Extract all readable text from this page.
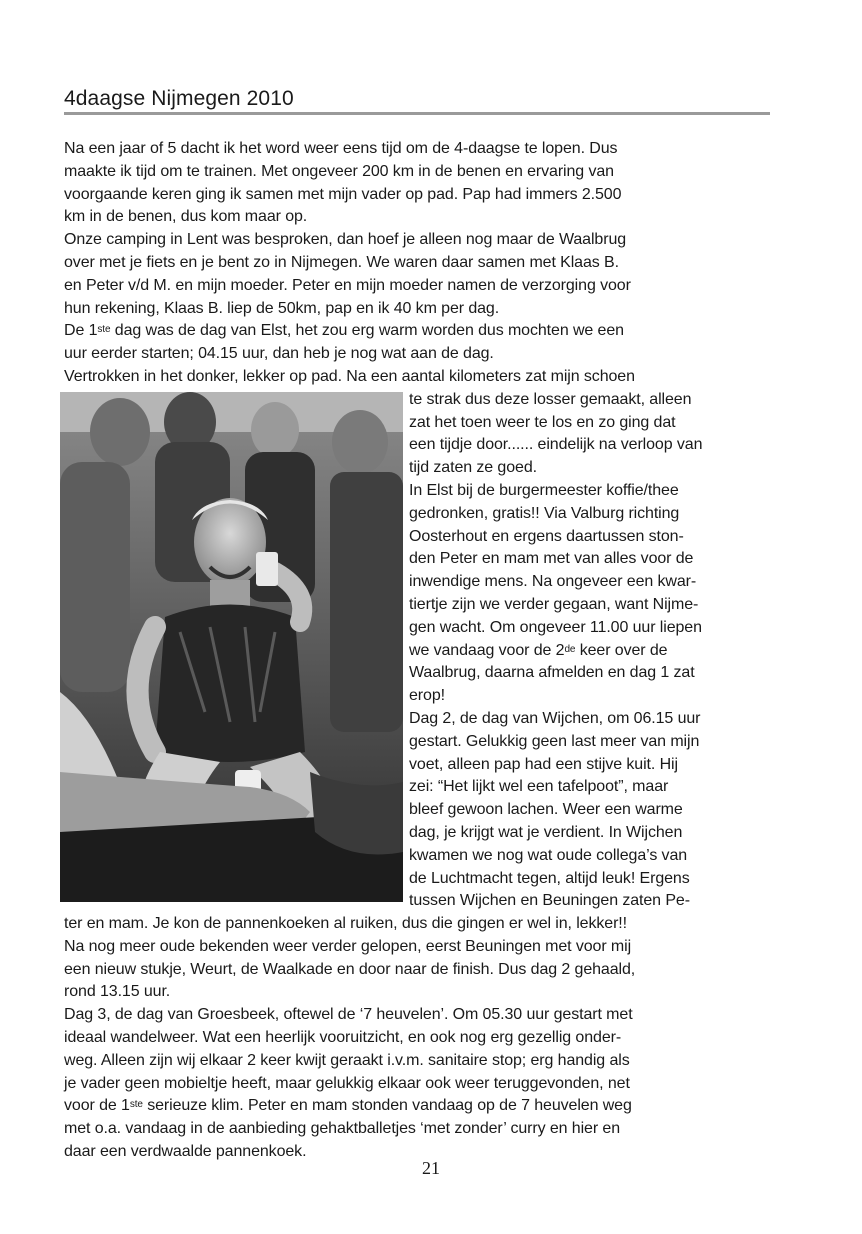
4daagse Nijmegen 2010
Na een jaar of 5 dacht ik het word weer eens tijd om de 4-daagse te lopen. Dus
maakte ik tijd om te trainen. Met ongeveer 200 km in de benen en ervaring van
voorgaande keren ging ik samen met mijn vader op pad. Pap had immers 2.500
km in de benen, dus kom maar op.
Onze camping in Lent was besproken, dan hoef je alleen nog maar de Waalbrug
over met je fiets en je bent zo in Nijmegen. We waren daar samen met Klaas B.
en Peter v/d M. en mijn moeder. Peter en mijn moeder namen de verzorging voor
hun rekening, Klaas B. liep de 50km, pap en ik 40 km per dag.
De 1ste dag was de dag van Elst, het zou erg warm worden dus mochten we een
uur eerder starten; 04.15 uur, dan heb je nog wat aan de dag.
Vertrokken in het donker, lekker op pad. Na een aantal kilometers zat mijn schoen
te strak dus deze losser gemaakt, alleen
zat het toen weer te los en zo ging dat
een tijdje door...... eindelijk na verloop van
tijd zaten ze goed.
In Elst bij de burgermeester koffie/thee
gedronken, gratis!! Via Valburg richting
Oosterhout en ergens daartussen ston-
den Peter en mam met van alles voor de
inwendige mens. Na ongeveer een kwar-
tiertje zijn we verder gegaan, want Nijme-
gen wacht. Om ongeveer 11.00 uur liepen
we vandaag voor de 2de keer over de
Waalbrug, daarna afmelden en dag 1 zat
erop!
Dag 2, de dag van Wijchen, om 06.15 uur
gestart. Gelukkig geen last meer van mijn
voet, alleen pap had een stijve kuit. Hij
zei: “Het lijkt wel een tafelpoot”, maar
bleef gewoon lachen. Weer een warme
dag, je krijgt wat je verdient. In Wijchen
kwamen we nog wat oude collega’s van
de Luchtmacht tegen, altijd leuk! Ergens
tussen Wijchen en Beuningen zaten Pe-
ter en mam. Je kon de pannenkoeken al ruiken, dus die gingen er wel in, lekker!!
Na nog meer oude bekenden weer verder gelopen, eerst Beuningen met voor mij
een nieuw stukje, Weurt, de Waalkade en door naar de finish. Dus dag 2 gehaald,
rond 13.15 uur.
Dag 3, de dag van Groesbeek, oftewel de ‘7 heuvelen’. Om 05.30 uur gestart met
ideaal wandelweer. Wat een heerlijk vooruitzicht, en ook nog erg gezellig onder-
weg. Alleen zijn wij elkaar 2 keer kwijt geraakt i.v.m. sanitaire stop; erg handig als
je vader geen mobieltje heeft, maar gelukkig elkaar ook weer teruggevonden, net
voor de 1ste serieuze klim. Peter en mam stonden vandaag op de 7 heuvelen weg
met o.a. vandaag in de aanbieding gehaktballetjes ‘met zonder’ curry en hier en
daar een verdwaalde pannenkoek.
21
